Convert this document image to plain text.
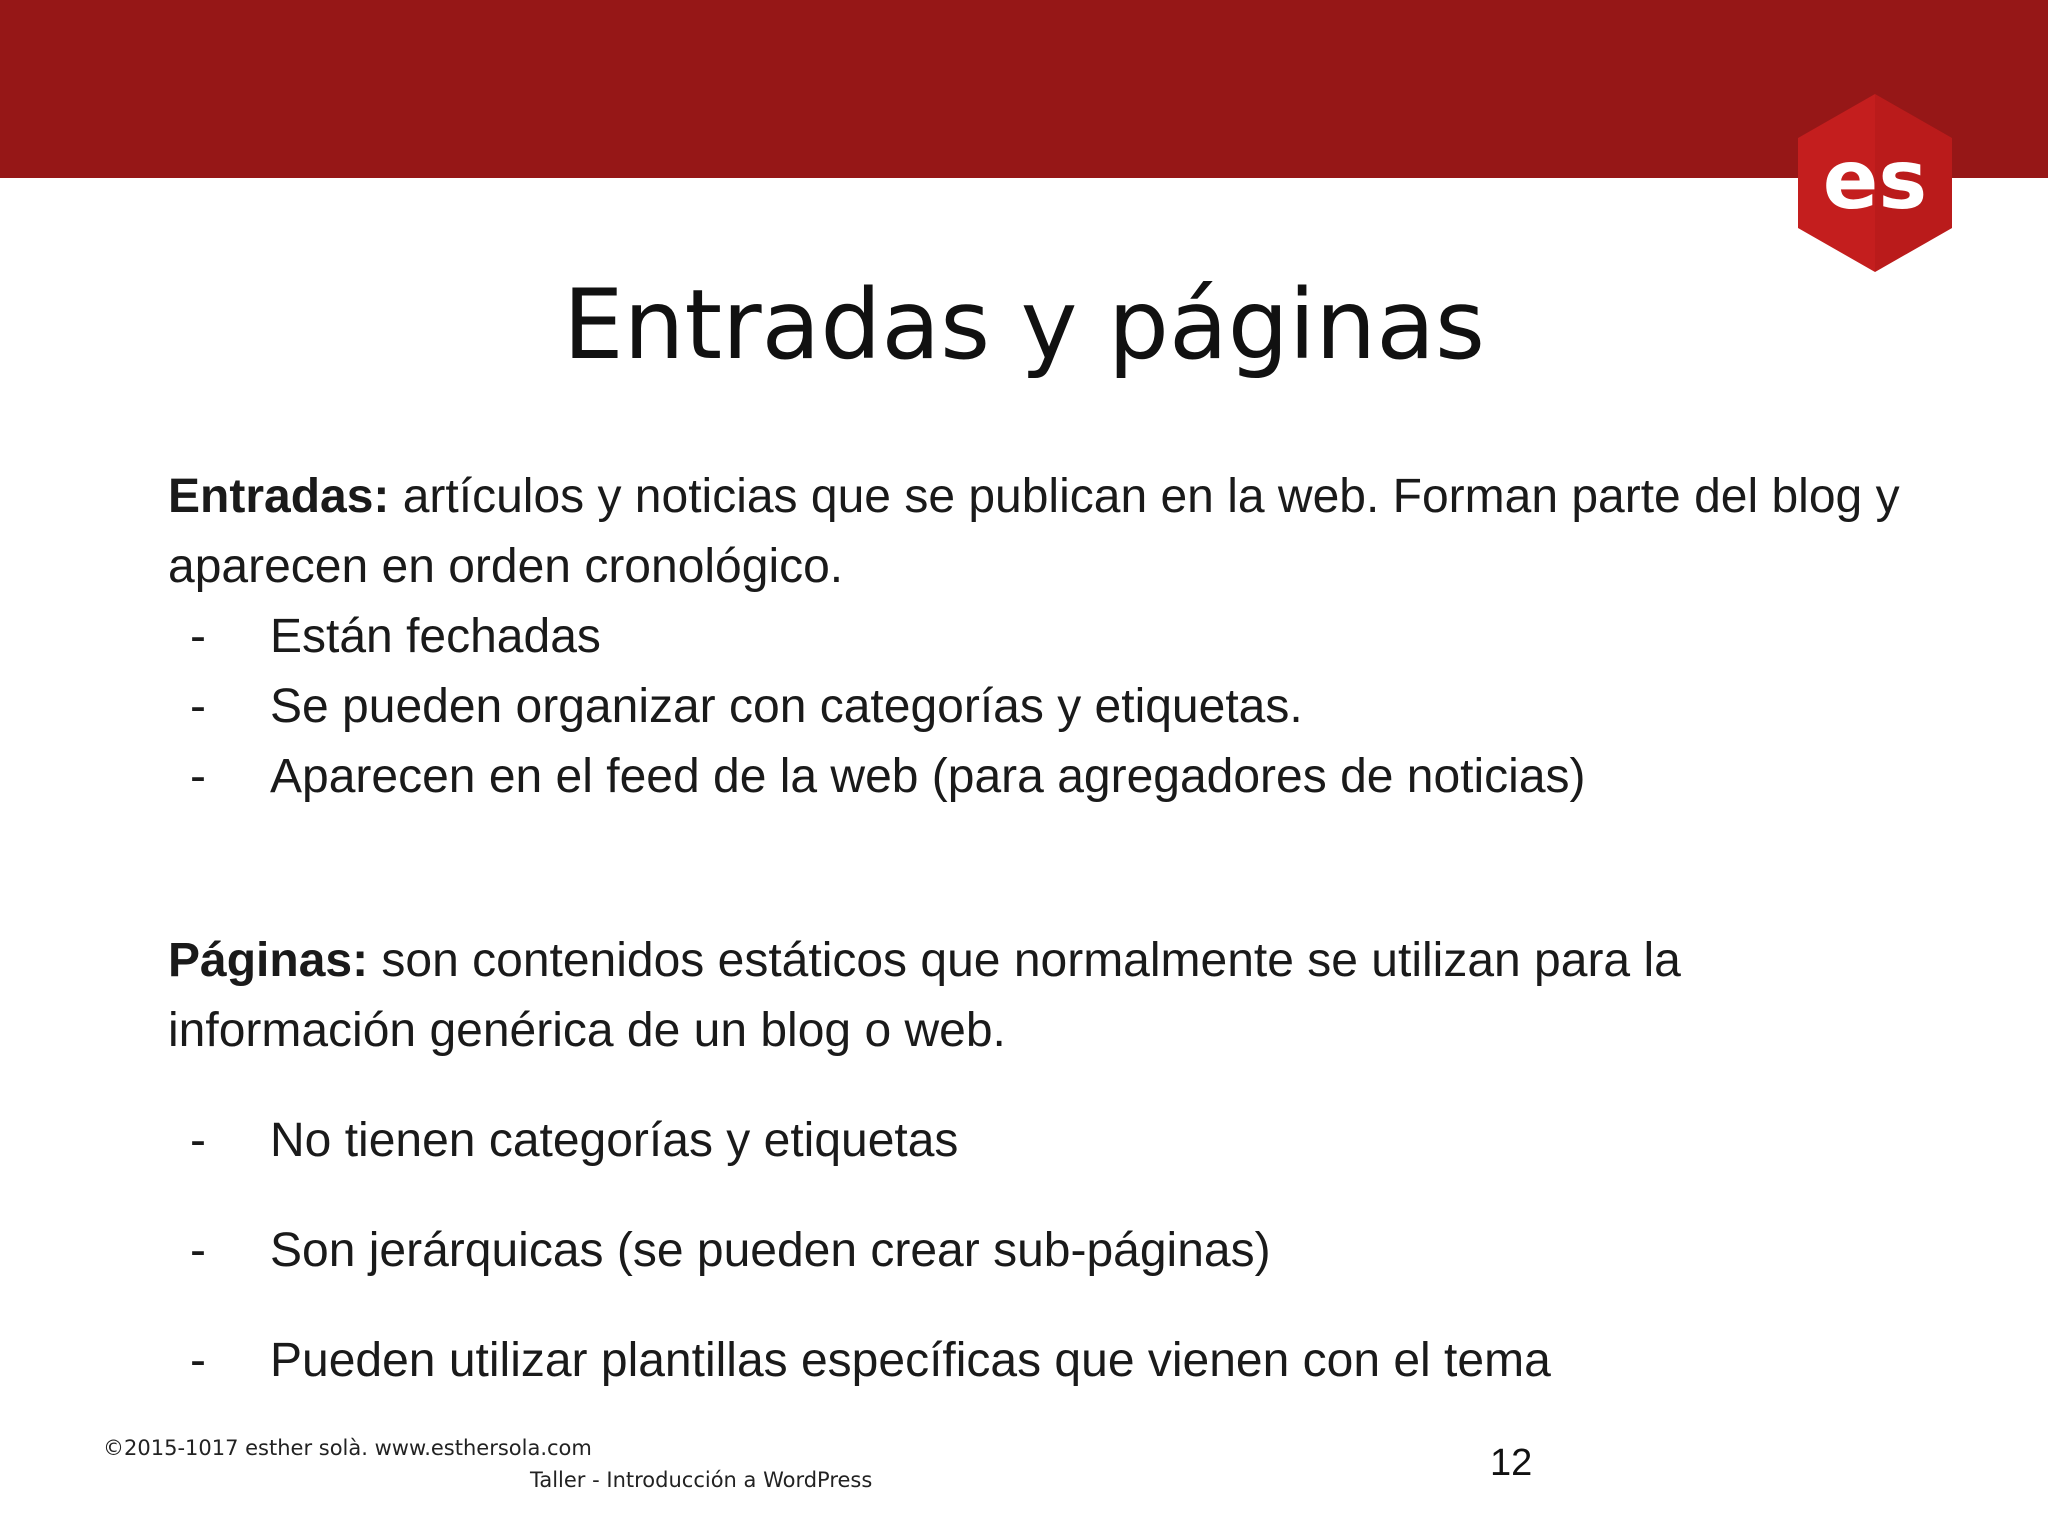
es
Entradas y páginas

Entradas: artículos y noticias que se publican en la web. Forman parte del blog y aparecen en orden cronológico.

- Están fechadas
- Se pueden organizar con categorías y etiquetas.
- Aparecen en el feed de la web (para agregadores de noticias)

Páginas: son contenidos estáticos que normalmente se utilizan para la información genérica de un blog o web.

- No tienen categorías y etiquetas
- Son jerárquicas (se pueden crear sub-páginas)
- Pueden utilizar plantillas específicas que vienen con el tema
©2015-1017 esther solà. www.esthersola.com
Taller - Introducción a WordPress	12
